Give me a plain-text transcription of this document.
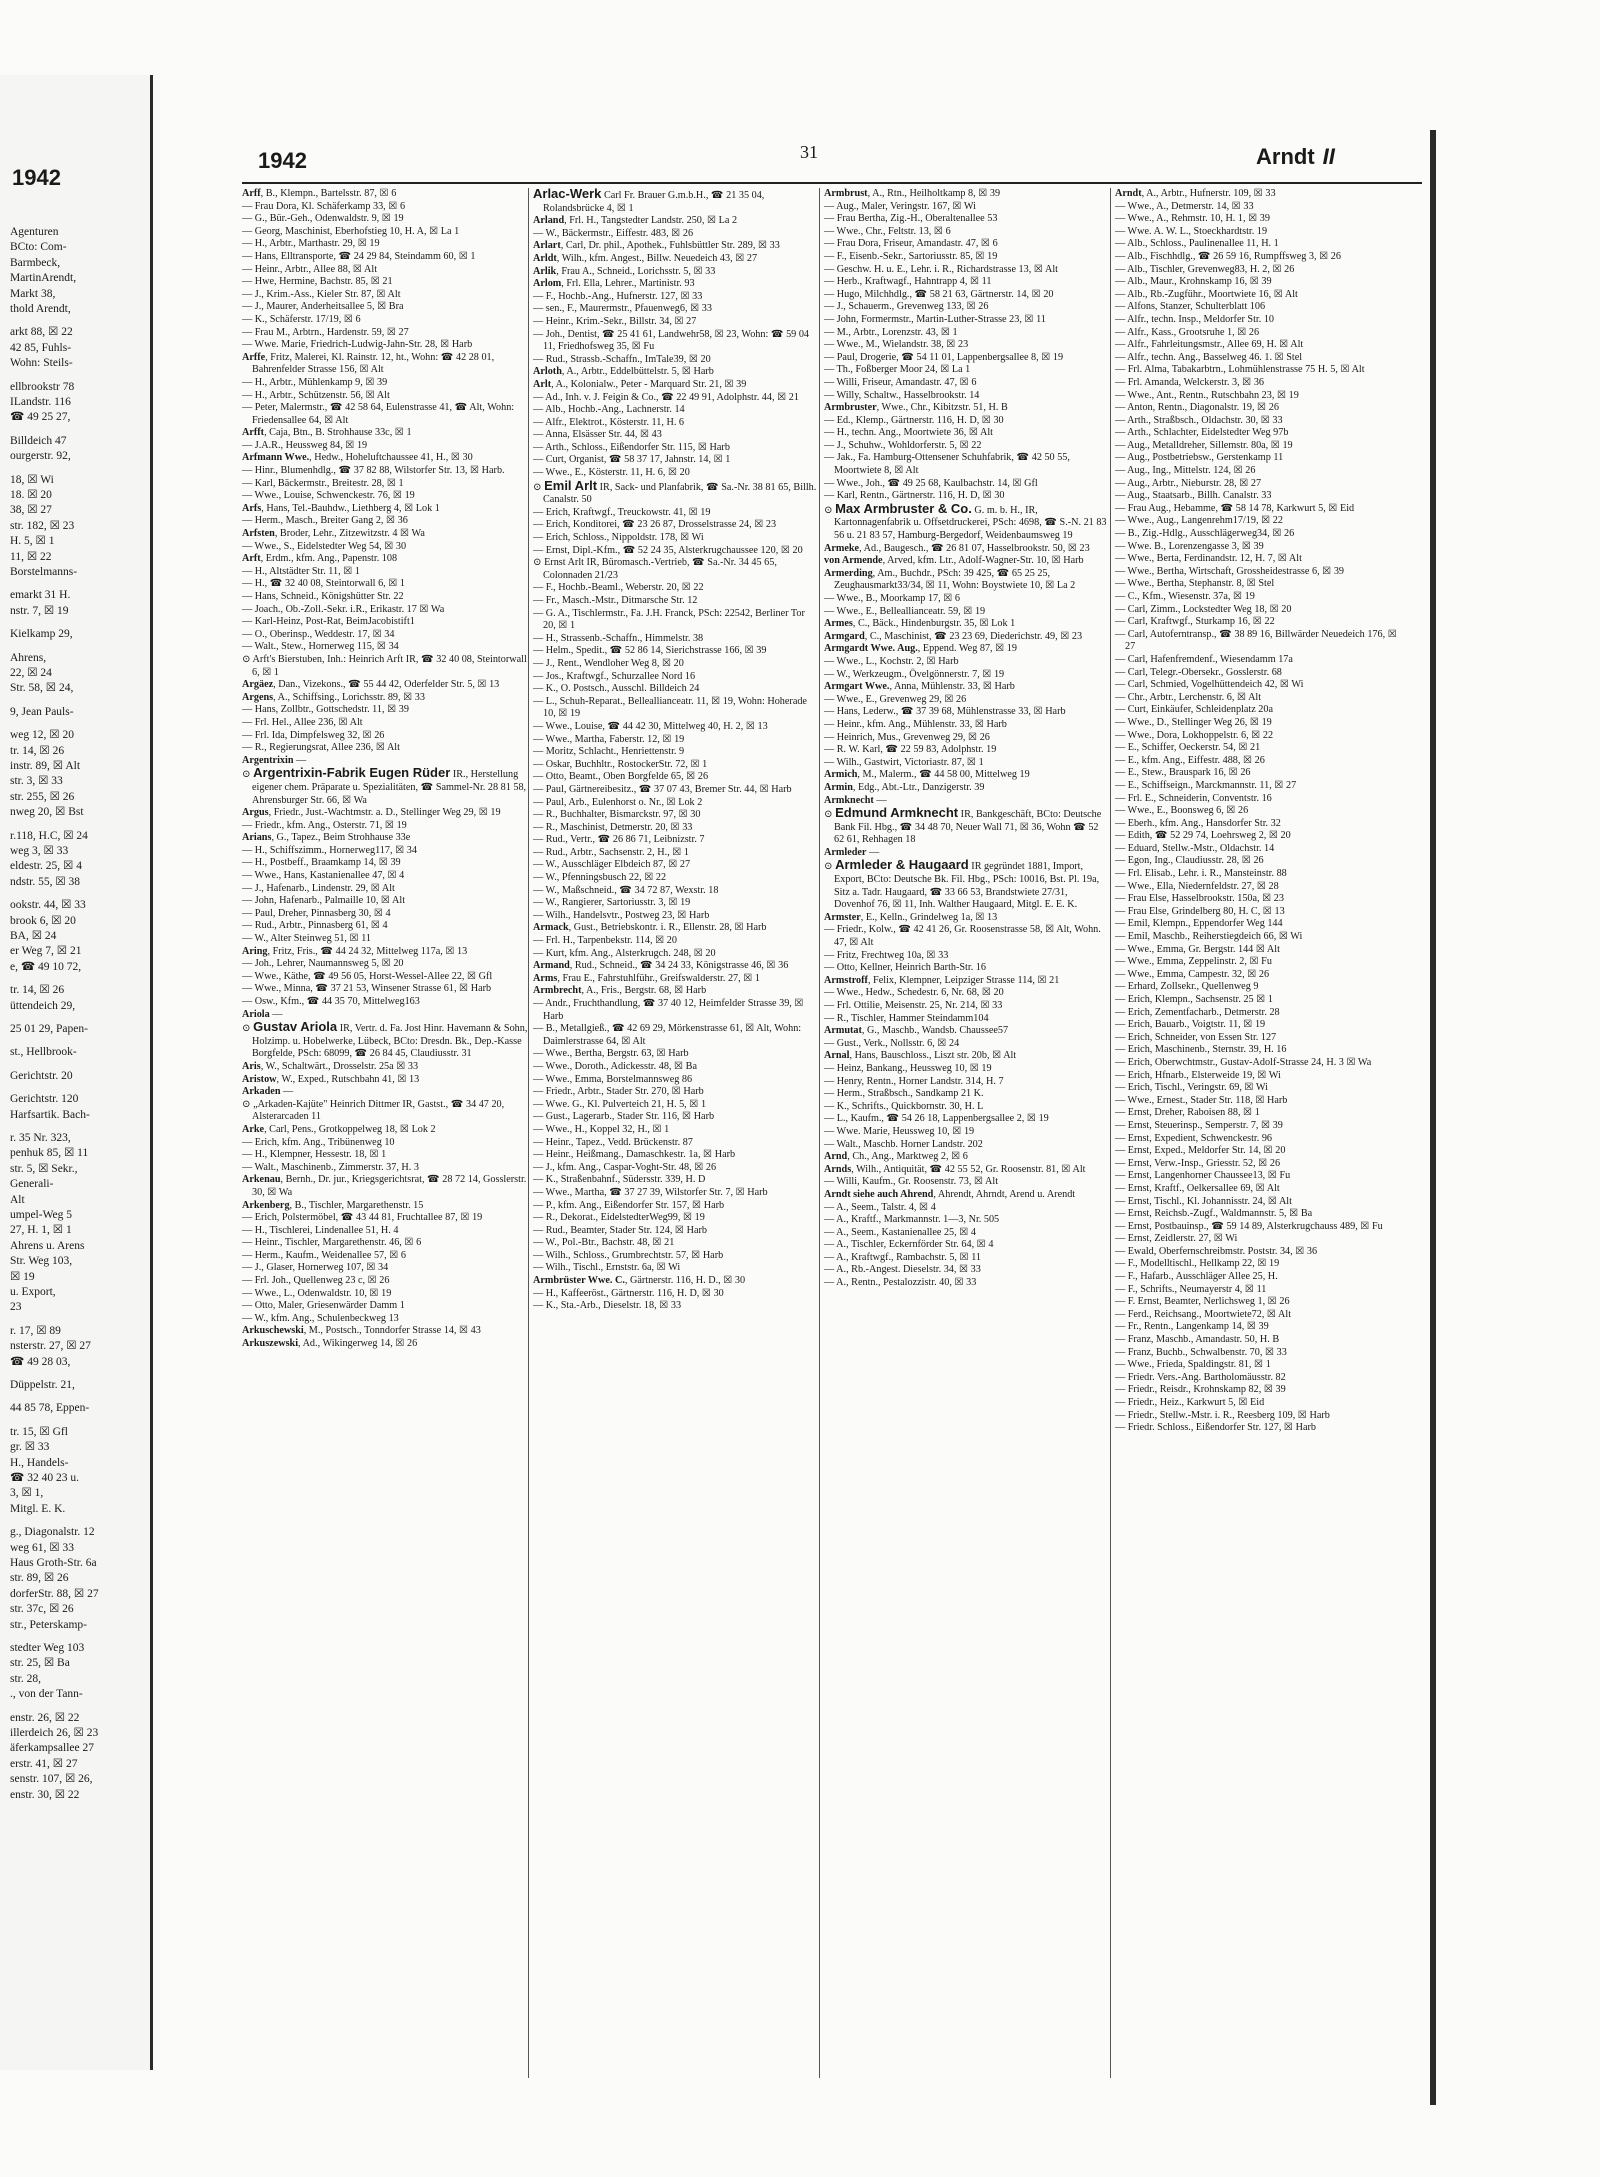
1942
Agenturen
BCto: Com-
Barmbeck,
MartinArendt,
Markt 38,
thold Arendt,
arkt 88, ☒ 22
42 85, Fuhls-
Wohn: Steils-
ellbrookstr 78
ILandstr. 116
☎ 49 25 27,
Billdeich 47
ourgerstr. 92,
18, ☒ Wi
18. ☒ 20
38, ☒ 27
str. 182, ☒ 23
H. 5, ☒ 1
11, ☒ 22
Borstelmanns-
emarkt 31 H.
nstr. 7, ☒ 19
Kielkamp 29,
Ahrens,
22, ☒ 24
Str. 58, ☒ 24,
9, Jean Pauls-
weg 12, ☒ 20
tr. 14, ☒ 26
instr. 89, ☒ Alt
str. 3, ☒ 33
str. 255, ☒ 26
nweg 20, ☒ Bst
r.118, H.C, ☒ 24
weg 3, ☒ 33
eldestr. 25, ☒ 4
ndstr. 55, ☒ 38
ookstr. 44, ☒ 33
brook 6, ☒ 20
BA, ☒ 24
er Weg 7, ☒ 21
e, ☎ 49 10 72,
tr. 14, ☒ 26
üttendeich 29,
25 01 29, Papen-
st., Hellbrook-
Gerichtstr. 20
Gerichtstr. 120
Harfsartik. Bach-
r. 35 Nr. 323,
penhuk 85, ☒ 11
str. 5, ☒ Sekr.,
Generali-
Alt
umpel-Weg 5
27, H. 1, ☒ 1
Ahrens u. Arens
Str. Weg 103,
☒ 19
u. Export,
23
r. 17, ☒ 89
nsterstr. 27, ☒ 27
☎ 49 28 03,
Düppelstr. 21,
44 85 78, Eppen-
tr. 15, ☒ Gfl
gr. ☒ 33
H., Handels-
☎ 32 40 23 u.
3, ☒ 1,
Mitgl. E. K.
g., Diagonalstr. 12
weg 61, ☒ 33
Haus Groth-Str. 6a
str. 89, ☒ 26
dorferStr. 88, ☒ 27
str. 37c, ☒ 26
str., Peterskamp-
stedter Weg 103
str. 25, ☒ Ba
str. 28,
., von der Tann-
enstr. 26, ☒ 22
illerdeich 26, ☒ 23
äferkampsallee 27
erstr. 41, ☒ 27
senstr. 107, ☒ 26,
enstr. 30, ☒ 22
1942	31	Arndt II

Arff, B., Klempn., Bartelsstr. 87, ☒ 6

— Frau Dora, Kl. Schäferkamp 33, ☒ 6

— G., Bür.-Geh., Odenwaldstr. 9, ☒ 19

— Georg, Maschinist, Eberhofstieg 10, H. A, ☒ La 1

— H., Arbtr., Marthastr. 29, ☒ 19

— Hans, Elltransporte, ☎ 24 29 84, Steindamm 60, ☒ 1

— Heinr., Arbtr., Allee 88, ☒ Alt

— Hwe, Hermine, Bachstr. 85, ☒ 21

— J., Krim.-Ass., Kieler Str. 87, ☒ Alt

— J., Maurer, Anderheitsallee 5, ☒ Bra

— K., Schäferstr. 17/19, ☒ 6

— Frau M., Arbtrn., Hardenstr. 59, ☒ 27

— Wwe. Marie, Friedrich-Ludwig-Jahn-Str. 28, ☒ Harb

Arffe, Fritz, Malerei, Kl. Rainstr. 12, ht., Wohn: ☎ 42 28 01, Bahrenfelder Strasse 156, ☒ Alt

— H., Arbtr., Mühlenkamp 9, ☒ 39

— H., Arbtr., Schützenstr. 56, ☒ Alt

— Peter, Malermstr., ☎ 42 58 64, Eulenstrasse 41, ☎ Alt, Wohn: Friedensallee 64, ☒ Alt

Arfft, Caja, Btn., B. Strohhause 33c, ☒ 1

— J.A.R., Heussweg 84, ☒ 19

Arfmann Wwe., Hedw., Hoheluftchaussee 41, H., ☒ 30

— Hinr., Blumenhdlg., ☎ 37 82 88, Wilstorfer Str. 13, ☒ Harb.

— Karl, Bäckermstr., Breitestr. 28, ☒ 1

— Wwe., Louise, Schwenckestr. 76, ☒ 19

Arfs, Hans, Tel.-Bauhdw., Liethberg 4, ☒ Lok 1

— Herm., Masch., Breiter Gang 2, ☒ 36

Arfsten, Broder, Lehr., Zitzewitzstr. 4 ☒ Wa

— Wwe., S., Eidelstedter Weg 54, ☒ 30

Arft, Erdm., kfm. Ang., Papenstr. 108

— H., Altstädter Str. 11, ☒ 1

— H., ☎ 32 40 08, Steintorwall 6, ☒ 1

— Hans, Schneid., Königshütter Str. 22

— Joach., Ob.-Zoll.-Sekr. i.R., Erikastr. 17 ☒ Wa

— Karl-Heinz, Post-Rat, BeimJacobistift1

— O., Oberinsp., Weddestr. 17, ☒ 34

— Walt., Stew., Hornerweg 115, ☒ 34

⊙ Arft's Bierstuben, Inh.: Heinrich Arft IR, ☎ 32 40 08, Steintorwall 6, ☒ 1

Argäez, Dan., Vizekons., ☎ 55 44 42, Oderfelder Str. 5, ☒ 13

Argens, A., Schiffsing., Lorichsstr. 89, ☒ 33

— Hans, Zollbtr., Gottschedstr. 11, ☒ 39

— Frl. Hel., Allee 236, ☒ Alt

— Frl. Ida, Dimpfelsweg 32, ☒ 26

— R., Regierungsrat, Allee 236, ☒ Alt

Argentrixin —

⊙ Argentrixin-Fabrik Eugen Rüder IR., Herstellung eigener chem. Präparate u. Spezialitäten, ☎ Sammel-Nr. 28 81 58, Ahrensburger Str. 66, ☒ Wa

Argus, Friedr., Just.-Wachtmstr. a. D., Stellinger Weg 29, ☒ 19

— Friedr., kfm. Ang., Osterstr. 71, ☒ 19

Arians, G., Tapez., Beim Strohhause 33e

— H., Schiffszimm., Hornerweg117, ☒ 34

— H., Postbeff., Braamkamp 14, ☒ 39

— Wwe., Hans, Kastanienallee 47, ☒ 4

— J., Hafenarb., Lindenstr. 29, ☒ Alt

— John, Hafenarb., Palmaille 10, ☒ Alt

— Paul, Dreher, Pinnasberg 30, ☒ 4

— Rud., Arbtr., Pinnasberg 61, ☒ 4

— W., Alter Steinweg 51, ☒ 11

Aring, Fritz, Fris., ☎ 44 24 32, Mittelweg 117a, ☒ 13

— Joh., Lehrer, Naumannsweg 5, ☒ 20

— Wwe., Käthe, ☎ 49 56 05, Horst-Wessel-Allee 22, ☒ Gfl

— Wwe., Minna, ☎ 37 21 53, Winsener Strasse 61, ☒ Harb

— Osw., Kfm., ☎ 44 35 70, Mittelweg163

Ariola —

⊙ Gustav Ariola IR, Vertr. d. Fa. Jost Hinr. Havemann & Sohn, Holzimp. u. Hobelwerke, Lübeck, BCto: Dresdn. Bk., Dep.-Kasse Borgfelde, PSch: 68099, ☎ 26 84 45, Claudiusstr. 31

Aris, W., Schaltwärt., Drosselstr. 25a ☒ 33

Aristow, W., Exped., Rutschbahn 41, ☒ 13

Arkaden —

⊙ „Arkaden-Kajüte" Heinrich Dittmer IR, Gastst., ☎ 34 47 20, Alsterarcaden 11

Arke, Carl, Pens., Grotkoppelweg 18, ☒ Lok 2

— Erich, kfm. Ang., Tribünenweg 10

— H., Klempner, Hessestr. 18, ☒ 1

— Walt., Maschinenb., Zimmerstr. 37, H. 3

Arkenau, Bernh., Dr. jur., Kriegsgerichtsrat, ☎ 28 72 14, Gosslerstr. 30, ☒ Wa

Arkenberg, B., Tischler, Margarethenstr. 15

— Erich, Polstermöbel, ☎ 43 44 81, Fruchtallee 87, ☒ 19

— H., Tischlerei, Lindenallee 51, H. 4

— Heinr., Tischler, Margarethenstr. 46, ☒ 6

— Herm., Kaufm., Weidenallee 57, ☒ 6

— J., Glaser, Hornerweg 107, ☒ 34

— Frl. Joh., Quellenweg 23 c, ☒ 26

— Wwe., L., Odenwaldstr. 10, ☒ 19

— Otto, Maler, Griesenwärder Damm 1

— W., kfm. Ang., Schulenbeckweg 13

Arkuschewski, M., Postsch., Tonndorfer Strasse 14, ☒ 43

Arkuszewski, Ad., Wikingerweg 14, ☒ 26

Arlac-Werk Carl Fr. Brauer G.m.b.H., ☎ 21 35 04, Rolandsbrücke 4, ☒ 1

Arland, Frl. H., Tangstedter Landstr. 250, ☒ La 2

— W., Bäckermstr., Eiffestr. 483, ☒ 26

Arlart, Carl, Dr. phil., Apothek., Fuhlsbüttler Str. 289, ☒ 33

Arldt, Wilh., kfm. Angest., Billw. Neuedeich 43, ☒ 27

Arlik, Frau A., Schneid., Lorichsstr. 5, ☒ 33

Arlom, Frl. Ella, Lehrer., Martinistr. 93

— F., Hochb.-Ang., Hufnerstr. 127, ☒ 33

— sen., F., Maurermstr., Pfauenweg6, ☒ 33

— Heinr., Krim.-Sekr., Billstr. 34, ☒ 27

— Joh., Dentist, ☎ 25 41 61, Landwehr58, ☒ 23, Wohn: ☎ 59 04 11, Friedhofsweg 35, ☒ Fu

— Rud., Strassb.-Schaffn., ImTale39, ☒ 20

Arloth, A., Arbtr., Eddelbüttelstr. 5, ☒ Harb

Arlt, A., Kolonialw., Peter - Marquard Str. 21, ☒ 39

— Ad., Inh. v. J. Feigin & Co., ☎ 22 49 91, Adolphstr. 44, ☒ 21

— Alb., Hochb.-Ang., Lachnerstr. 14

— Alfr., Elektrot., Kösterstr. 11, H. 6

— Anna, Elsässer Str. 44, ☒ 43

— Arth., Schloss., Eißendorfer Str. 115, ☒ Harb

— Curt, Organist, ☎ 58 37 17, Jahnstr. 14, ☒ 1

— Wwe., E., Kösterstr. 11, H. 6, ☒ 20

⊙ Emil Arlt IR, Sack- und Planfabrik, ☎ Sa.-Nr. 38 81 65, Billh. Canalstr. 50

— Erich, Kraftwgf., Treuckowstr. 41, ☒ 19

— Erich, Konditorei, ☎ 23 26 87, Drosselstrasse 24, ☒ 23

— Erich, Schloss., Nippoldstr. 178, ☒ Wi

— Ernst, Dipl.-Kfm., ☎ 52 24 35, Alsterkrugchaussee 120, ☒ 20

⊙ Ernst Arlt IR, Büromasch.-Vertrieb, ☎ Sa.-Nr. 34 45 65, Colonnaden 21/23

— F., Hochb.-Beaml., Weberstr. 20, ☒ 22

— Fr., Masch.-Mstr., Ditmarsche Str. 12

— G. A., Tischlermstr., Fa. J.H. Franck, PSch: 22542, Berliner Tor 20, ☒ 1

— H., Strassenb.-Schaffn., Himmelstr. 38

— Helm., Spedit., ☎ 52 86 14, Sierichstrasse 166, ☒ 39

— J., Rent., Wendloher Weg 8, ☒ 20

— Jos., Kraftwgf., Schurzallee Nord 16

— K., O. Postsch., Ausschl. Billdeich 24

— L., Schuh-Reparat., Belleallianceatr. 11, ☒ 19, Wohn: Hoherade 10, ☒ 19

— Wwe., Louise, ☎ 44 42 30, Mittelweg 40, H. 2, ☒ 13

— Wwe., Martha, Faberstr. 12, ☒ 19

— Moritz, Schlacht., Henriettenstr. 9

— Oskar, Buchhltr., RostockerStr. 72, ☒ 1

— Otto, Beamt., Oben Borgfelde 65, ☒ 26

— Paul, Gärtnereibesitz., ☎ 37 07 43, Bremer Str. 44, ☒ Harb

— Paul, Arb., Eulenhorst o. Nr., ☒ Lok 2

— R., Buchhalter, Bismarckstr. 97, ☒ 30

— R., Maschinist, Detmerstr. 20, ☒ 33

— Rud., Vertr., ☎ 26 86 71, Leibnizstr. 7

— Rud., Arbtr., Sachsenstr. 2, H., ☒ 1

— W., Ausschläger Elbdeich 87, ☒ 27

— W., Pfenningsbusch 22, ☒ 22

— W., Maßschneid., ☎ 34 72 87, Wexstr. 18

— W., Rangierer, Sartoriusstr. 3, ☒ 19

— Wilh., Handelsvtr., Postweg 23, ☒ Harb

Armack, Gust., Betriebskontr. i. R., Ellenstr. 28, ☒ Harb

— Frl. H., Tarpenbekstr. 114, ☒ 20

— Kurt, kfm. Ang., Alsterkrugch. 248, ☒ 20

Armand, Rud., Schneid., ☎ 34 24 33, Königstrasse 46, ☒ 36

Arms, Frau E., Fahrstuhlführ., Greifswalderstr. 27, ☒ 1

Armbrecht, A., Fris., Bergstr. 68, ☒ Harb

— Andr., Fruchthandlung, ☎ 37 40 12, Heimfelder Strasse 39, ☒ Harb

— B., Metallgieß., ☎ 42 69 29, Mörkenstrasse 61, ☒ Alt, Wohn: Daimlerstrasse 64, ☒ Alt

— Wwe., Bertha, Bergstr. 63, ☒ Harb

— Wwe., Doroth., Adickesstr. 48, ☒ Ba

— Wwe., Emma, Borstelmannsweg 86

— Friedr., Arbtr., Stader Str. 270, ☒ Harb

— Wwe. G., Kl. Pulverteich 21, H. 5, ☒ 1

— Gust., Lagerarb., Stader Str. 116, ☒ Harb

— Wwe., H., Koppel 32, H., ☒ 1

— Heinr., Tapez., Vedd. Brückenstr. 87

— Heinr., Heißmang., Damaschkestr. 1a, ☒ Harb

— J., kfm. Ang., Caspar-Voght-Str. 48, ☒ 26

— K., Straßenbahnf., Südersstr. 339, H. D

— Wwe., Martha, ☎ 37 27 39, Wilstorfer Str. 7, ☒ Harb

— P., kfm. Ang., Eißendorfer Str. 157, ☒ Harb

— R., Dekorat., EidelstedterWeg99, ☒ 19

— Rud., Beamter, Stader Str. 124, ☒ Harb

— W., Pol.-Btr., Bachstr. 48, ☒ 21

— Wilh., Schloss., Grumbrechtstr. 57, ☒ Harb

— Wilh., Tischl., Ernststr. 6a, ☒ Wi

Armbrüster Wwe. C., Gärtnerstr. 116, H. D., ☒ 30

— H., Kaffeeröst., Gärtnerstr. 116, H. D, ☒ 30

— K., Sta.-Arb., Dieselstr. 18, ☒ 33

Armbrust, A., Rtn., Heilholtkamp 8, ☒ 39

— Aug., Maler, Veringstr. 167, ☒ Wi

— Frau Bertha, Zig.-H., Oberaltenallee 53

— Wwe., Chr., Feltstr. 13, ☒ 6

— Frau Dora, Friseur, Amandastr. 47, ☒ 6

— F., Eisenb.-Sekr., Sartoriusstr. 85, ☒ 19

— Geschw. H. u. E., Lehr. i. R., Richardstrasse 13, ☒ Alt

— Herb., Kraftwagf., Hahntrapp 4, ☒ 11

— Hugo, Milchhdlg., ☎ 58 21 63, Gärtnerstr. 14, ☒ 20

— J., Schauerm., Grevenweg 133, ☒ 26

— John, Formermstr., Martin-Luther-Strasse 23, ☒ 11

— M., Arbtr., Lorenzstr. 43, ☒ 1

— Wwe., M., Wielandstr. 38, ☒ 23

— Paul, Drogerie, ☎ 54 11 01, Lappenbergsallee 8, ☒ 19

— Th., Foßberger Moor 24, ☒ La 1

— Willi, Friseur, Amandastr. 47, ☒ 6

— Willy, Schaltw., Hasselbrookstr. 14

Armbruster, Wwe., Chr., Kibitzstr. 51, H. B

— Ed., Klemp., Gärtnerstr. 116, H. D, ☒ 30

— H., techn. Ang., Moortwiete 36, ☒ Alt

— J., Schuhw., Wohldorferstr. 5, ☒ 22

— Jak., Fa. Hamburg-Ottensener Schuhfabrik, ☎ 42 50 55, Moortwiete 8, ☒ Alt

— Wwe., Joh., ☎ 49 25 68, Kaulbachstr. 14, ☒ Gfl

— Karl, Rentn., Gärtnerstr. 116, H. D, ☒ 30

⊙ Max Armbruster & Co. G. m. b. H., IR, Kartonnagenfabrik u. Offsetdruckerei, PSch: 4698, ☎ S.-N. 21 83 56 u. 21 83 57, Hamburg-Bergedorf, Weidenbaumsweg 19

Armeke, Ad., Baugesch., ☎ 26 81 07, Hasselbrookstr. 50, ☒ 23

von Armende, Arved, kfm. Ltr., Adolf-Wagner-Str. 10, ☒ Harb

Armerding, Am., Buchdr., PSch: 39 425, ☎ 65 25 25, Zeughausmarkt33/34, ☒ 11, Wohn: Boystwiete 10, ☒ La 2

— Wwe., B., Moorkamp 17, ☒ 6

— Wwe., E., Belleallianceatr. 59, ☒ 19

Armes, C., Bäck., Hindenburgstr. 35, ☒ Lok 1

Armgard, C., Maschinist, ☎ 23 23 69, Diederichstr. 49, ☒ 23

Armgardt Wwe. Aug., Eppend. Weg 87, ☒ 19

— Wwe., L., Kochstr. 2, ☒ Harb

— W., Werkzeugm., Övelgönnerstr. 7, ☒ 19

Armgart Wwe., Anna, Mühlenstr. 33, ☒ Harb

— Wwe., E., Grevenweg 29, ☒ 26

— Hans, Lederw., ☎ 37 39 68, Mühlenstrasse 33, ☒ Harb

— Heinr., kfm. Ang., Mühlenstr. 33, ☒ Harb

— Heinrich, Mus., Grevenweg 29, ☒ 26

— R. W. Karl, ☎ 22 59 83, Adolphstr. 19

— Wilh., Gastwirt, Victoriastr. 87, ☒ 1

Armich, M., Malerm., ☎ 44 58 00, Mittelweg 19

Armin, Edg., Abt.-Ltr., Danzigerstr. 39

Armknecht —

⊙ Edmund Armknecht IR, Bankgeschäft, BCto: Deutsche Bank Fil. Hbg., ☎ 34 48 70, Neuer Wall 71, ☒ 36, Wohn ☎ 52 62 61, Rehhagen 18

Armleder —

⊙ Armleder & Haugaard IR gegründet 1881, Import, Export, BCto: Deutsche Bk. Fil. Hbg., PSch: 10016, Bst. Pl. 19a, Sitz a. Tadr. Haugaard, ☎ 33 66 53, Brandstwiete 27/31, Dovenhof 76, ☒ 11, Inh. Walther Haugaard, Mitgl. E. E. K.

Armster, E., Kelln., Grindelweg 1a, ☒ 13

— Friedr., Kolw., ☎ 42 41 26, Gr. Roosenstrasse 58, ☒ Alt, Wohn. 47, ☒ Alt

— Fritz, Frechtweg 10a, ☒ 33

— Otto, Kellner, Heinrich Barth-Str. 16

Armstroff, Felix, Klempner, Leipziger Strasse 114, ☒ 21

— Wwe., Hedw., Schedestr. 6, Nr. 68, ☒ 20

— Frl. Ottilie, Meisenstr. 25, Nr. 214, ☒ 33

— R., Tischler, Hammer Steindamm104

Armutat, G., Maschb., Wandsb. Chaussee57

— Gust., Verk., Nollsstr. 6, ☒ 24

Arnal, Hans, Bauschloss., Liszt str. 20b, ☒ Alt

— Heinz, Bankang., Heussweg 10, ☒ 19

— Henry, Rentn., Horner Landstr. 314, H. 7

— Herm., Straßbsch., Sandkamp 21 K.

— K., Schrifts., Quickbornstr. 30, H. L

— L., Kaufm., ☎ 54 26 18, Lappenbergsallee 2, ☒ 19

— Wwe. Marie, Heussweg 10, ☒ 19

— Walt., Maschb. Horner Landstr. 202

Arnd, Ch., Ang., Marktweg 2, ☒ 6

Arnds, Wilh., Antiquität, ☎ 42 55 52, Gr. Roosenstr. 81, ☒ Alt

— Willi, Kaufm., Gr. Roosenstr. 73, ☒ Alt

Arndt siehe auch Ahrend, Ahrendt, Ahrndt, Arend u. Arendt

— A., Seem., Talstr. 4, ☒ 4

— A., Kraftf., Markmannstr. 1—3, Nr. 505

— A., Seem., Kastanienallee 25, ☒ 4

— A., Tischler, Eckernförder Str. 64, ☒ 4

— A., Kraftwgf., Rambachstr. 5, ☒ 11

— A., Rb.-Angest. Dieselstr. 34, ☒ 33

— A., Rentn., Pestalozzistr. 40, ☒ 33

Arndt, A., Arbtr., Hufnerstr. 109, ☒ 33

— Wwe., A., Detmerstr. 14, ☒ 33

— Wwe., A., Rehmstr. 10, H. 1, ☒ 39

— Wwe. A. W. L., Stoeckhardtstr. 19

— Alb., Schloss., Paulinenallee 11, H. 1

— Alb., Fischhdlg., ☎ 26 59 16, Rumpffsweg 3, ☒ 26

— Alb., Tischler, Grevenweg83, H. 2, ☒ 26

— Alb., Maur., Krohnskamp 16, ☒ 39

— Alb., Rb.-Zugführ., Moortwiete 16, ☒ Alt

— Alfons, Stanzer, Schulterblatt 106

— Alfr., techn. Insp., Meldorfer Str. 10

— Alfr., Kass., Grootsruhe 1, ☒ 26

— Alfr., Fahrleitungsmstr., Allee 69, H. ☒ Alt

— Alfr., techn. Ang., Basselweg 46. 1. ☒ Stel

— Frl. Alma, Tabakarbtrn., Lohmühlenstrasse 75 H. 5, ☒ Alt

— Frl. Amanda, Welckerstr. 3, ☒ 36

— Wwe., Ant., Rentn., Rutschbahn 23, ☒ 19

— Anton, Rentn., Diagonalstr. 19, ☒ 26

— Arth., Straßbsch., Oldachstr. 30, ☒ 33

— Arth., Schlachter, Eidelstedter Weg 97b

— Aug., Metalldreher, Sillemstr. 80a, ☒ 19

— Aug., Postbetriebsw., Gerstenkamp 11

— Aug., Ing., Mittelstr. 124, ☒ 26

— Aug., Arbtr., Nieburstr. 28, ☒ 27

— Aug., Staatsarb., Billh. Canalstr. 33

— Frau Aug., Hebamme, ☎ 58 14 78, Karkwurt 5, ☒ Eid

— Wwe., Aug., Langenrehm17/19, ☒ 22

— B., Zig.-Hdlg., Ausschlägerweg34, ☒ 26

— Wwe. B., Lorenzengasse 3, ☒ 39

— Wwe., Berta, Ferdinandstr. 12, H. 7, ☒ Alt

— Wwe., Bertha, Wirtschaft, Grossheidestrasse 6, ☒ 39

— Wwe., Bertha, Stephanstr. 8, ☒ Stel

— C., Kfm., Wiesenstr. 37a, ☒ 19

— Carl, Zimm., Lockstedter Weg 18, ☒ 20

— Carl, Kraftwgf., Sturkamp 16, ☒ 22

— Carl, Autoferntransp., ☎ 38 89 16, Billwärder Neuedeich 176, ☒ 27

— Carl, Hafenfremdenf., Wiesendamm 17a

— Carl, Telegr.-Obersekr., Gosslerstr. 68

— Carl, Schmied, Vogelhüttendeich 42, ☒ Wi

— Chr., Arbtr., Lerchenstr. 6, ☒ Alt

— Curt, Einkäufer, Schleidenplatz 20a

— Wwe., D., Stellinger Weg 26, ☒ 19

— Wwe., Dora, Lokhoppelstr. 6, ☒ 22

— E., Schiffer, Oeckerstr. 54, ☒ 21

— E., kfm. Ang., Eiffestr. 488, ☒ 26

— E., Stew., Brauspark 16, ☒ 26

— E., Schiffseign., Marckmannstr. 11, ☒ 27

— Frl. E., Schneiderin, Conventstr. 16

— Wwe., E., Boonsweg 6, ☒ 26

— Eberh., kfm. Ang., Hansdorfer Str. 32

— Edith, ☎ 52 29 74, Loehrsweg 2, ☒ 20

— Eduard, Stellw.-Mstr., Oldachstr. 14

— Egon, Ing., Claudiusstr. 28, ☒ 26

— Frl. Elisab., Lehr. i. R., Mansteinstr. 88

— Wwe., Ella, Niedernfeldstr. 27, ☒ 28

— Frau Else, Hasselbrookstr. 150a, ☒ 23

— Frau Else, Grindelberg 80, H. C, ☒ 13

— Emil, Klempn., Eppendorfer Weg 144

— Emil, Maschb., Reiherstiegdeich 66, ☒ Wi

— Wwe., Emma, Gr. Bergstr. 144 ☒ Alt

— Wwe., Emma, Zeppelinstr. 2, ☒ Fu

— Wwe., Emma, Campestr. 32, ☒ 26

— Erhard, Zollsekr., Quellenweg 9

— Erich, Klempn., Sachsenstr. 25 ☒ 1

— Erich, Zementfacharb., Detmerstr. 28

— Erich, Bauarb., Voigtstr. 11, ☒ 19

— Erich, Schneider, von Essen Str. 127

— Erich, Maschinenb., Sternstr. 39, H. 16

— Erich, Oberwchtmstr., Gustav-Adolf-Strasse 24, H. 3 ☒ Wa

— Erich, Hfnarb., Elsterweide 19, ☒ Wi

— Erich, Tischl., Veringstr. 69, ☒ Wi

— Wwe., Ernest., Stader Str. 118, ☒ Harb

— Ernst, Dreher, Raboisen 88, ☒ 1

— Ernst, Steuerinsp., Semperstr. 7, ☒ 39

— Ernst, Expedient, Schwenckestr. 96

— Ernst, Exped., Meldorfer Str. 14, ☒ 20

— Ernst, Verw.-Insp., Griesstr. 52, ☒ 26

— Ernst, Langenhorner Chaussee13, ☒ Fu

— Ernst, Kraftf., Oelkersallee 69, ☒ Alt

— Ernst, Tischl., Kl. Johannisstr. 24, ☒ Alt

— Ernst, Reichsb.-Zugf., Waldmannstr. 5, ☒ Ba

— Ernst, Postbauinsp., ☎ 59 14 89, Alsterkrugchauss 489, ☒ Fu

— Ernst, Zeidlerstr. 27, ☒ Wi

— Ewald, Oberfernschreibmstr. Poststr. 34, ☒ 36

— F., Modelltischl., Hellkamp 22, ☒ 19

— F., Hafarb., Ausschläger Allee 25, H.

— F., Schrifts., Neumayerstr 4, ☒ 11

— F. Ernst, Beamter, Nerlichsweg 1, ☒ 26

— Ferd., Reichsang., Moortwiete72, ☒ Alt

— Fr., Rentn., Langenkamp 14, ☒ 39

— Franz, Maschb., Amandastr. 50, H. B

— Franz, Buchb., Schwalbenstr. 70, ☒ 33

— Wwe., Frieda, Spaldingstr. 81, ☒ 1

— Friedr. Vers.-Ang. Bartholomäusstr. 82

— Friedr., Reisdr., Krohnskamp 82, ☒ 39

— Friedr., Heiz., Karkwurt 5, ☒ Eid

— Friedr., Stellw.-Mstr. i. R., Reesberg 109, ☒ Harb

— Friedr. Schloss., Eißendorfer Str. 127, ☒ Harb
